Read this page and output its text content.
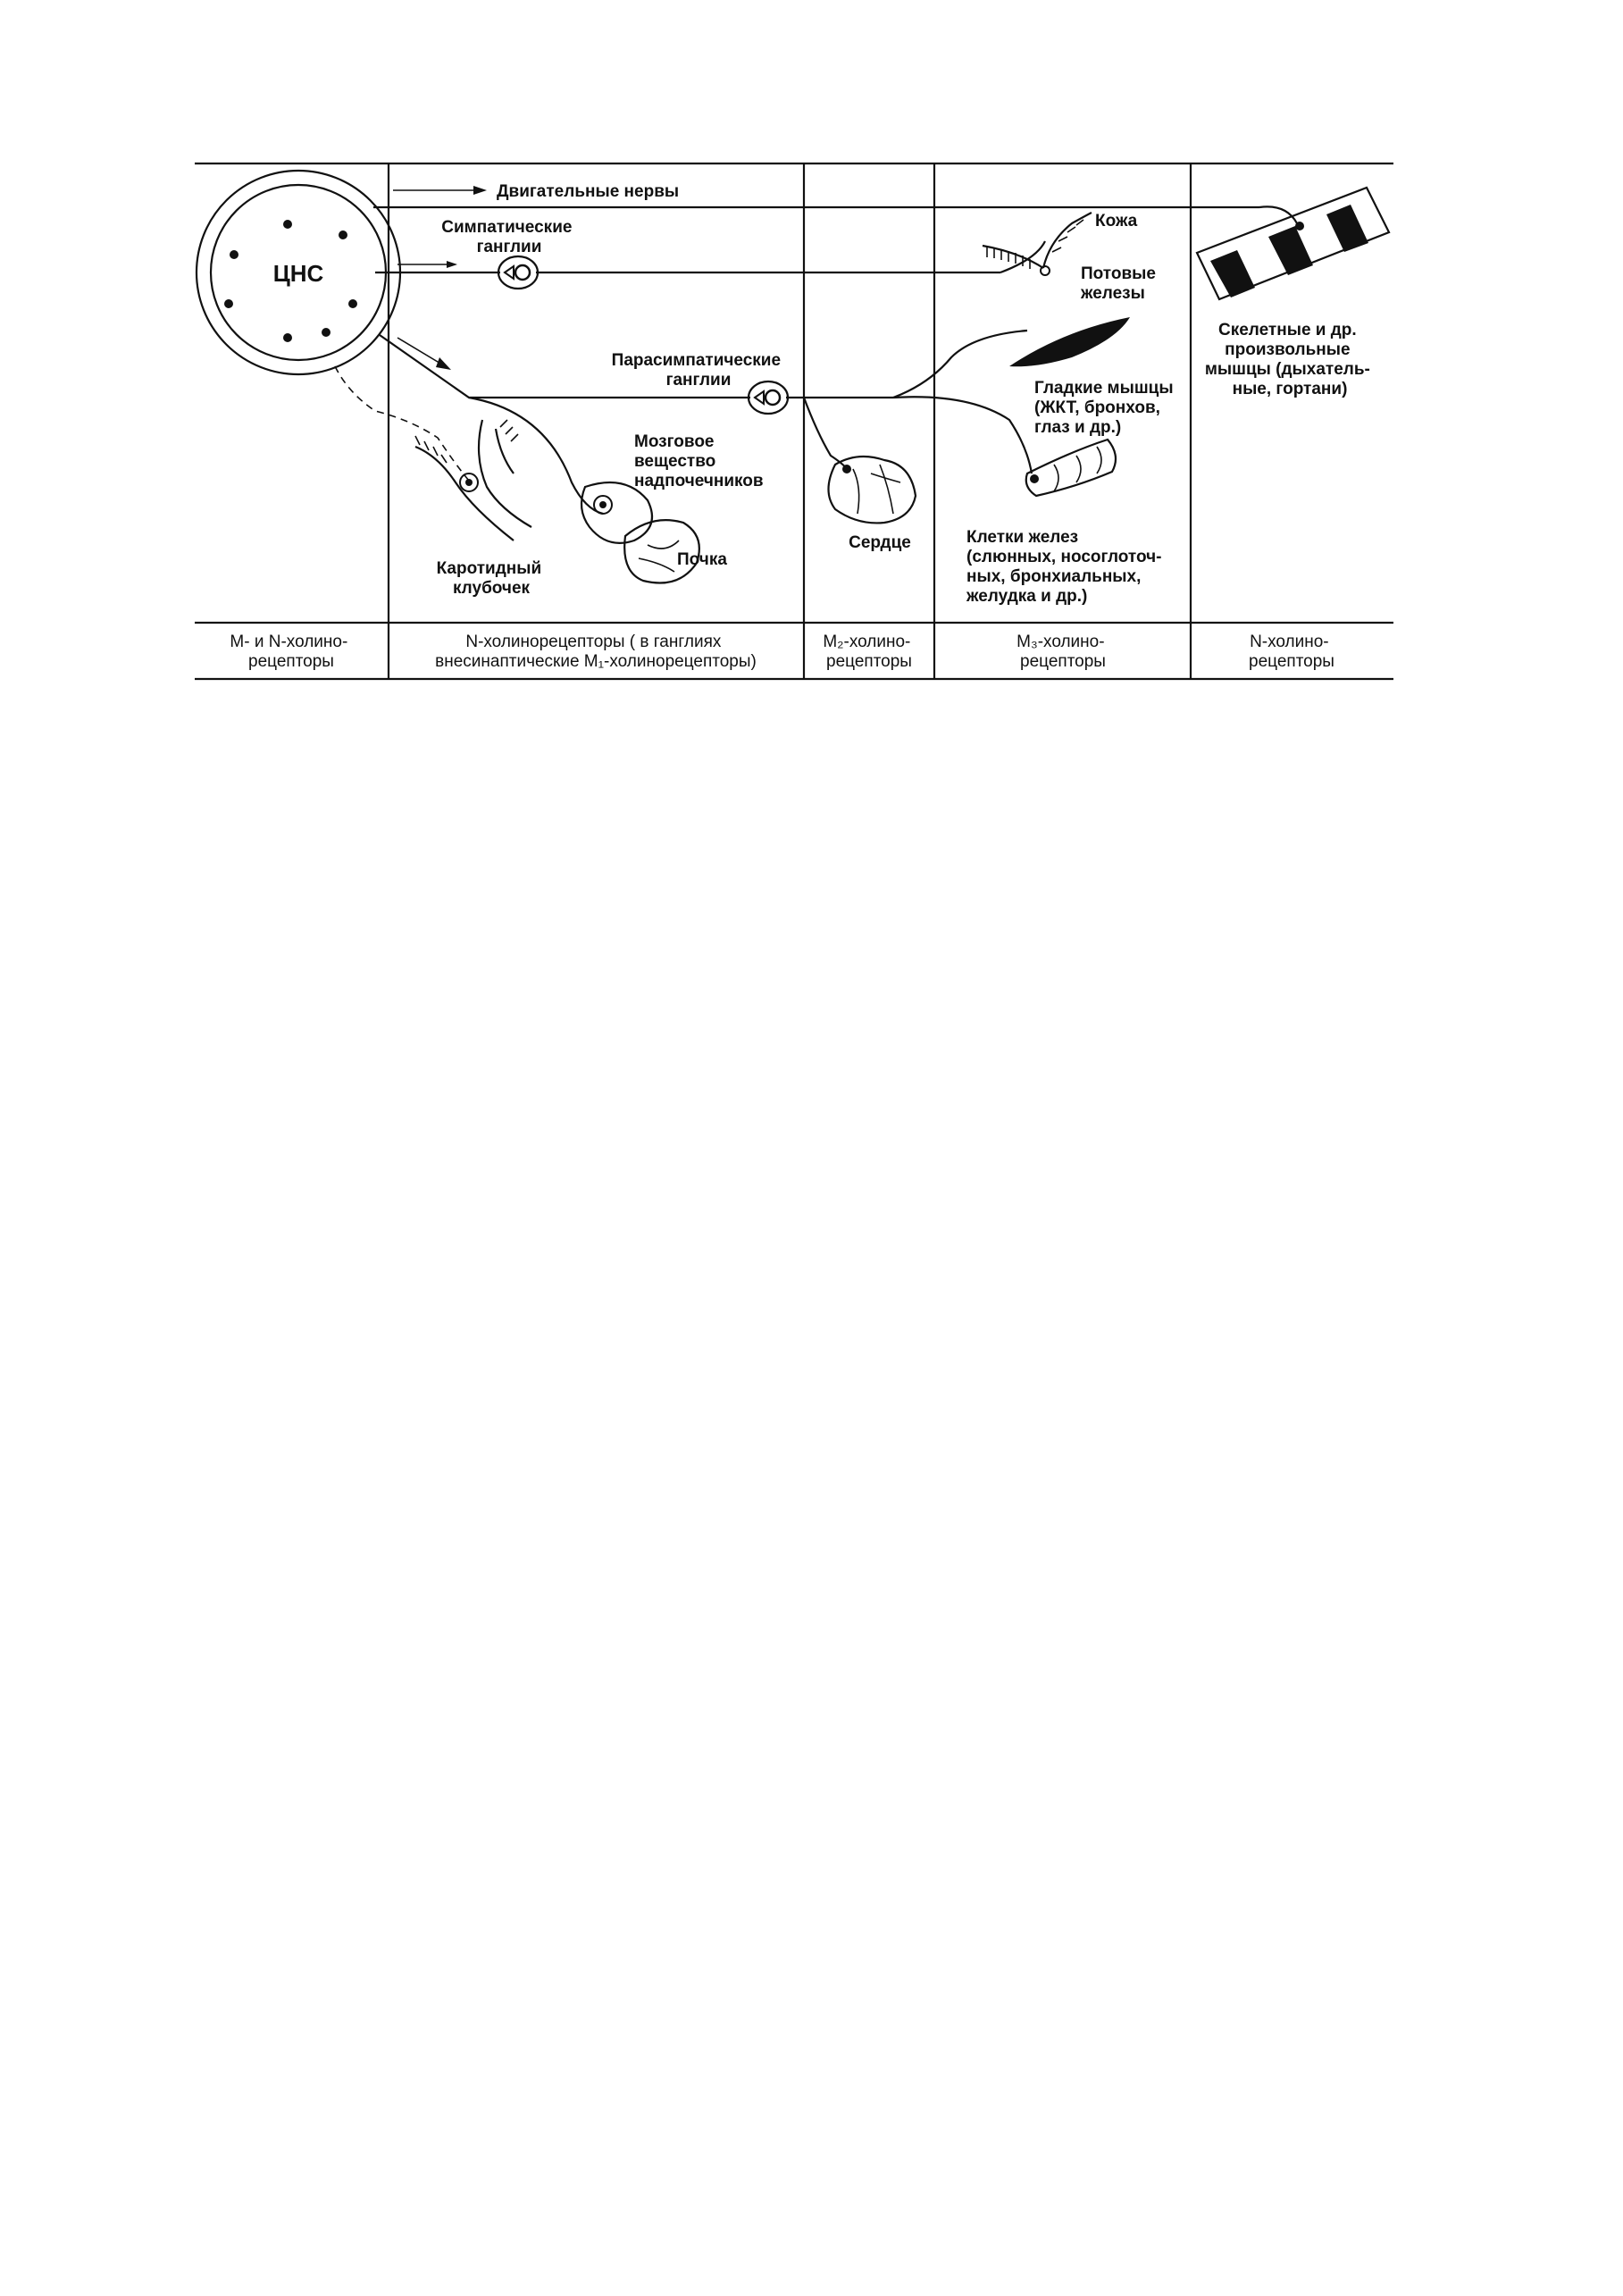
ЦНС
Двигательные нервы
Симпатические ганглии
Парасимпатические ганглии
Кожа
Потовые железы
Скелетные и др. произвольные мышцы (дыхатель- ные, гортани)
Гладкие мышцы (ЖКТ, бронхов, глаз и др.)
Мозговое вещество надпочечников
Почка
Каротидный клубочек
Сердце	Клетки желез (слюнных, носоглоточ- ных, бронхиальных, желудка и др.)
М- и N-холино- рецепторы
N-холинорецепторы ( в ганглиях внесинаптические М₁-холинорецепторы)
М₂-холино- рецепторы
М₃-холино- рецепторы
N-холино- рецепторы
